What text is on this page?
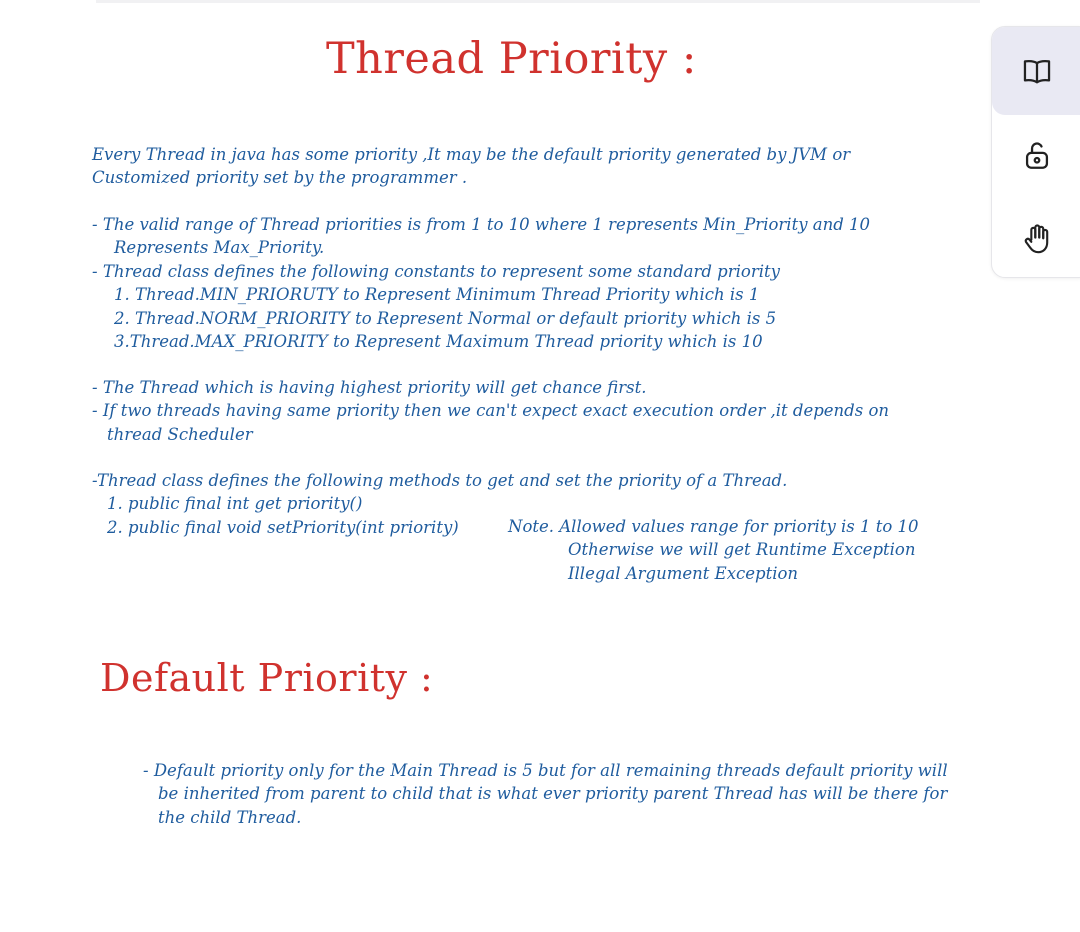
Thread Priority :
Every Thread in java has some priority ,It may be the default priority generated by JVM or
Customized priority set by the programmer .
- The valid range of Thread priorities is from 1 to 10 where 1 represents Min_Priority and 10
Represents Max_Priority.
- Thread class defines the following constants to represent some standard priority
1. Thread.MIN_PRIORUTY to Represent Minimum Thread Priority which is 1
2. Thread.NORM_PRIORITY to Represent Normal or default priority which is 5
3.Thread.MAX_PRIORITY to Represent Maximum Thread priority which is 10
- The Thread which is having highest priority will get chance first.
- If two threads having same priority then we can't expect exact execution order ,it depends on
thread Scheduler
-Thread class defines the following methods to get and set the priority of a Thread.
1. public final int get priority()
2. public final void setPriority(int priority)	Note. Allowed values range for priority is 1 to 10
Otherwise we will get Runtime Exception
Illegal Argument Exception
Default Priority :
- Default priority only for the Main Thread is 5 but for all remaining threads default priority will
be inherited from parent to child that is what ever priority parent Thread has will be there for
the child Thread.
